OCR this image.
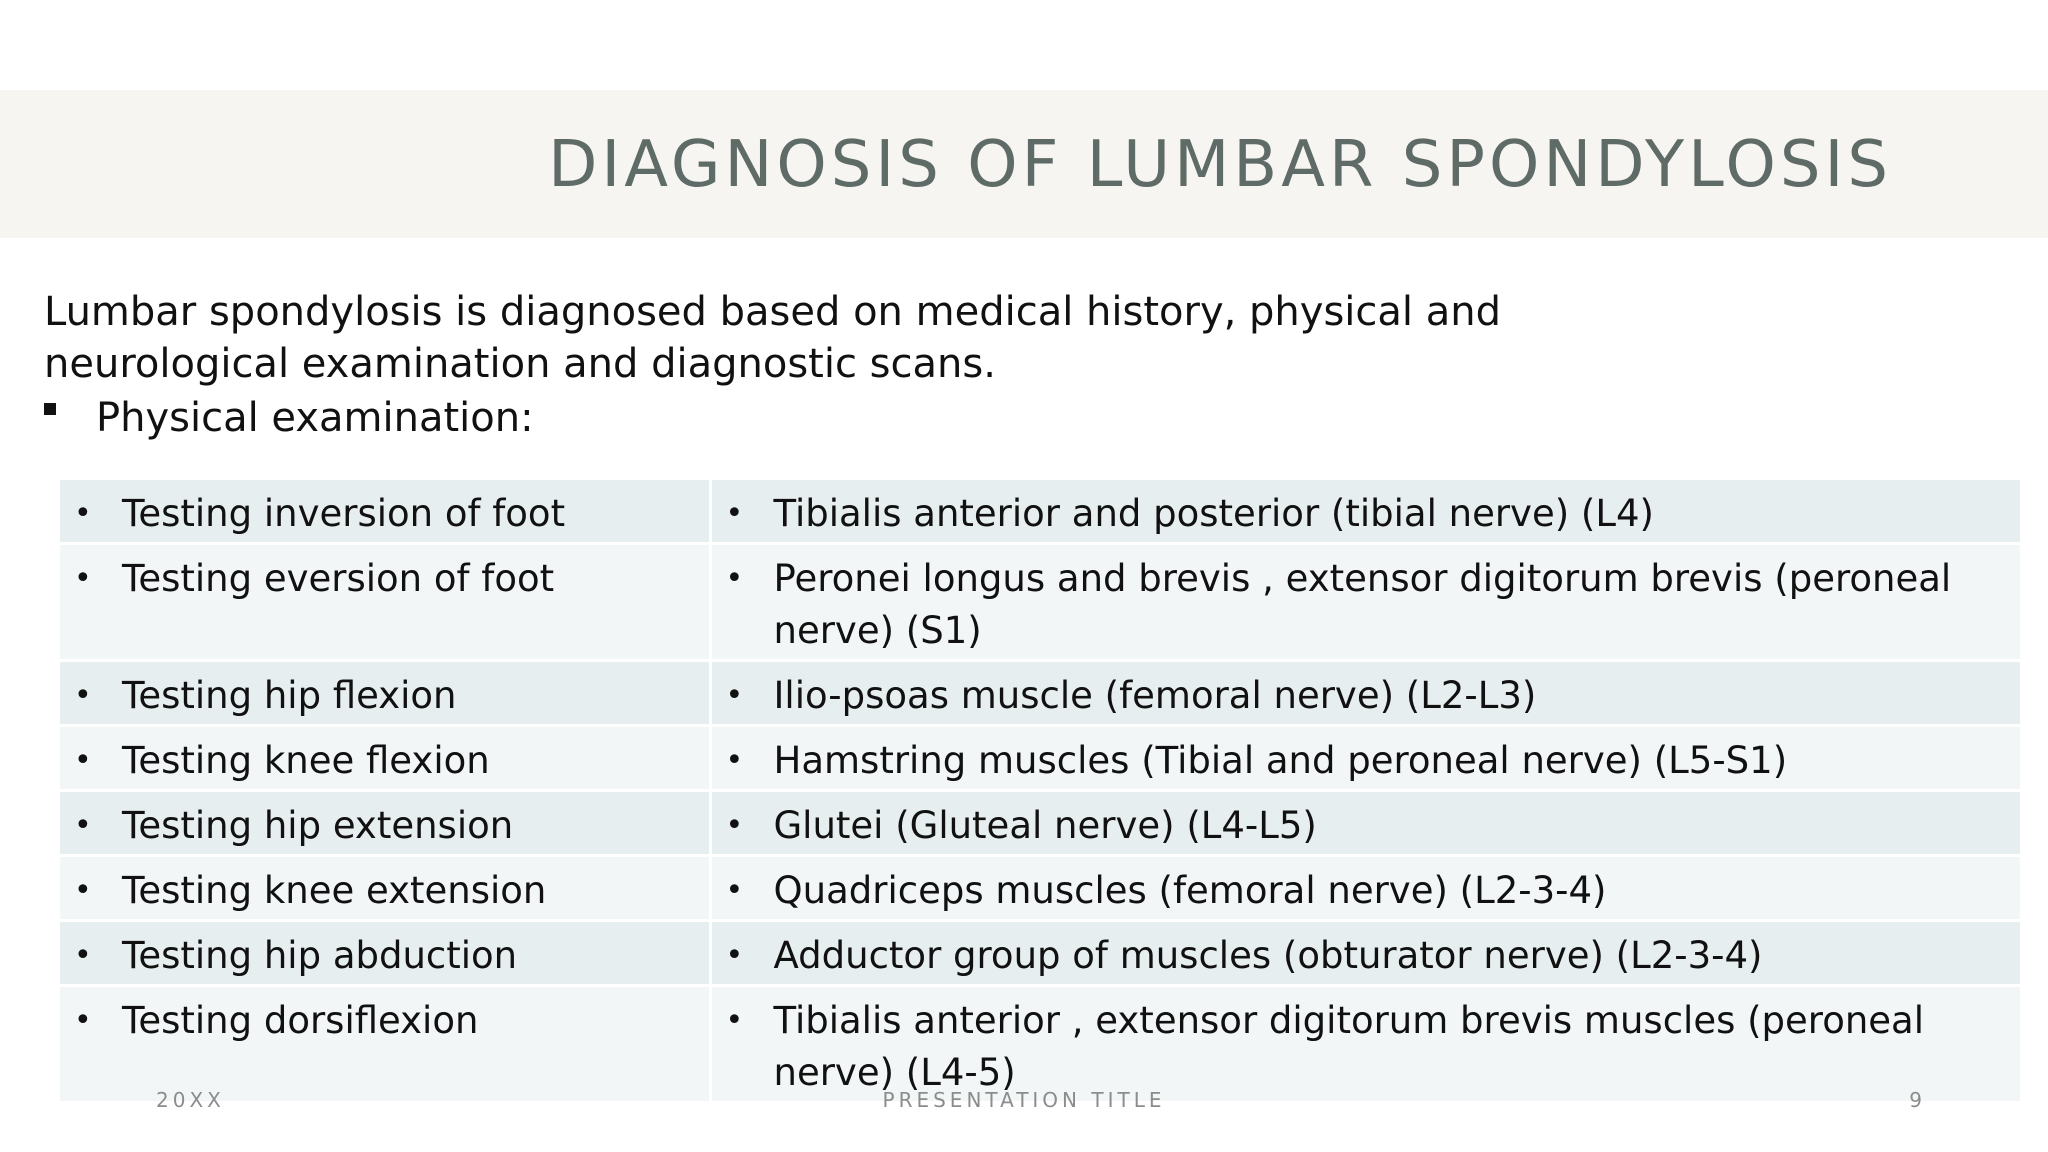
DIAGNOSIS OF LUMBAR SPONDYLOSIS

Lumbar spondylosis is diagnosed based on medical history, physical and neurological examination and diagnostic scans.

Physical examination:
• Testing inversion of foot	• Tibialis anterior and posterior (tibial nerve) (L4)
• Testing eversion of foot	• Peronei longus and brevis , extensor digitorum brevis (peroneal nerve) (S1)
• Testing hip flexion	• Ilio-psoas muscle (femoral nerve) (L2-L3)
• Testing knee flexion	• Hamstring muscles (Tibial and peroneal nerve) (L5-S1)
• Testing hip extension	• Glutei (Gluteal nerve) (L4-L5)
• Testing knee extension	• Quadriceps muscles (femoral nerve) (L2-3-4)
• Testing hip abduction	• Adductor group of muscles (obturator nerve) (L2-3-4)
• Testing dorsiflexion	• Tibialis anterior , extensor digitorum brevis muscles (peroneal nerve) (L4-5)
20XX	PRESENTATION TITLE	9
